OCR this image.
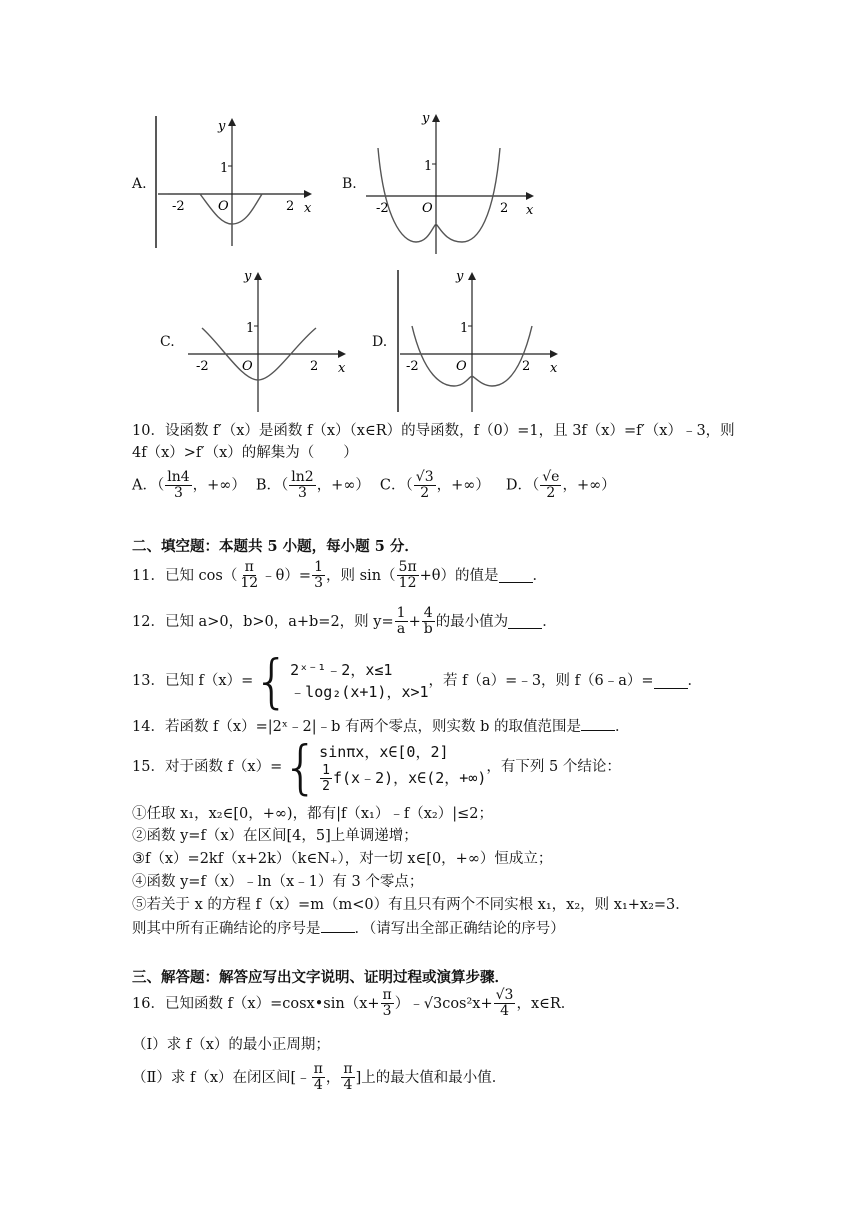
A.
-2	O	2
1
x
y
B.
-2	O	2
1
x
y
C.
-2	O	2
1
x
y
D.
-2	O	2
1
x
y
10．设函数 f′（x）是函数 f（x）（x∈R）的导函数，f（0）=1，且 3f（x）=f′（x）﹣3，则
4f（x）>f′（x）的解集为（　　）
A．（ $\frac{\ln 4}{3}$ ，+∞） B．（ $\frac{\ln 2}{3}$ ，+∞） C．（ $\frac{√3}{2}$ ，+∞） D．（ $\frac{√e}{2}$ ，+∞）
二、填空题：本题共 5 小题，每小题 5 分．
11．已知 $\cos( \frac{\pi}{12}$ ﹣θ）= $\frac{1}{3}$ ，则 $\sin( \frac{5\pi}{12} +\theta)$的值是 ．
12．已知 a>0，b>0，a+b=2，则 $y= \frac{1}{a} + \frac{4}{b}$ 的最小值为 ．
13．已知 f（x）= { 2ˣ⁻¹﹣2，x≤1
﹣log₂(x+1)，x>1
，若 f（a）=﹣3，则 f（6﹣a）= ．
14．若函数 f（x）=|2ˣ﹣2|﹣b 有两个零点，则实数 b 的取值范围是 ．
15．对于函数 f（x）= { sinπx，x∈[0，2]
$\frac{1}{2}$ f(x﹣2)，x∈(2，+∞)
，有下列 5 个结论：
①任取 x₁，x₂∈[0，+∞)，都有|f（x₁）﹣f（x₂）|≤2；
②函数 y=f（x）在区间[4，5]上单调递增；
③f（x）=2kf（x+2k）（k∈N₊），对一切 x∈[0，+∞）恒成立；
④函数 y=f（x）﹣ln（x﹣1）有 3 个零点；
⑤若关于 x 的方程 f（x）=m（m<0）有且只有两个不同实根 x₁，x₂，则 x₁+x₂=3．
则其中所有正确结论的序号是 ．（请写出全部正确结论的序号）
三、解答题：解答应写出文字说明、证明过程或演算步骤．
16．已知函数 f（x）=cosx•sin（x+ $\frac{\pi}{3}$ ）﹣√3cos²x+ $\frac{√3}{4}$ ，x∈R．
（Ⅰ）求 f（x）的最小正周期；
（Ⅱ）求 f（x）在闭区间[﹣ $\frac{\pi}{4}$ ， $\frac{\pi}{4}$ ]上的最大值和最小值．
